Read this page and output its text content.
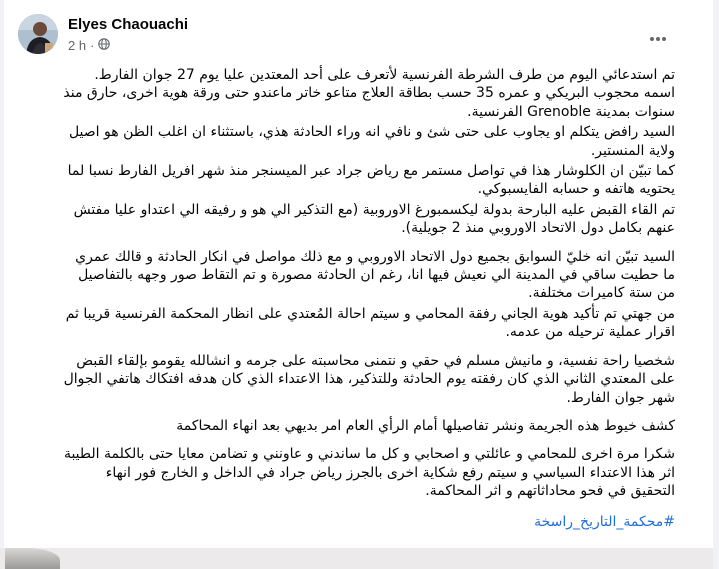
Elyes Chaouachi
2 h ·

تم استدعائي اليوم من طرف الشرطة الفرنسية لأتعرف على أحد المعتدين عليا يوم 27 جوان الفارط. اسمه محجوب البريكي و عمره 35 حسب بطاقة العلاج متاعو خاتر ماعندو حتى ورقة هوية اخرى، حارق منذ سنوات بمدينة Grenoble الفرنسية.

السيد رافض يتكلم او يجاوب على حتى شئ و نافي انه وراء الحادثة هذي، باستثناء ان اغلب الظن هو اصيل ولاية المنستير.

كما تبيّن ان الكلوشار هذا في تواصل مستمر مع رياض جراد عبر الميسنجر منذ شهر افريل الفارط نسبا لما يحتويه هاتفه و حسابه الفايسبوكي.

تم القاء القبض عليه البارحة بدولة ليكسمبورغ الاوروبية (مع التذكير الي هو و رفيقه الي اعتداو عليا مفتش عنهم بكامل دول الاتحاد الاوروبي منذ 2 جويلية).

السيد تبيّن انه خليّ السوابق بجميع دول الاتحاد الاوروبي و مع ذلك مواصل في انكار الحادثة و قالك عمري ما حطيت ساقي في المدينة الي نعيش فيها انا، رغم ان الحادثة مصورة و تم التقاط صور وجهه بالتفاصيل من ستة كاميرات مختلفة.

من جهتي تم تأكيد هوية الجاني رفقة المحامي و سيتم احالة المُعتدي على انظار المحكمة الفرنسية قريبا ثم اقرار عملية ترحيله من عدمه.

شخصيا راحة نفسية، و مانيش مسلم في حقي و نتمنى محاسبته على جرمه و انشالله يقومو بإلقاء القبض على المعتدي الثاني الذي كان رفقته يوم الحادثة وللتذكير، هذا الاعتداء الذي كان هدفه افتكاك هاتفي الجوال شهر جوان الفارط.

كشف خيوط هذه الجريمة ونشر تفاصيلها أمام الرأي العام امر بديهي بعد انهاء المحاكمة

شكرا مرة اخرى للمحامي و عائلتي و اصحابي و كل ما ساندني و عاونني و تضامن معايا حتى بالكلمة الطيبة اثر هذا الاعتداء السياسي و سيتم رفع شكاية اخرى بالجرز رياض جراد في الداخل و الخارج فور انهاء التحقيق في فحو محاداثاتهم و اثر المحاكمة.

#محكمة_التاريخ_راسخة
